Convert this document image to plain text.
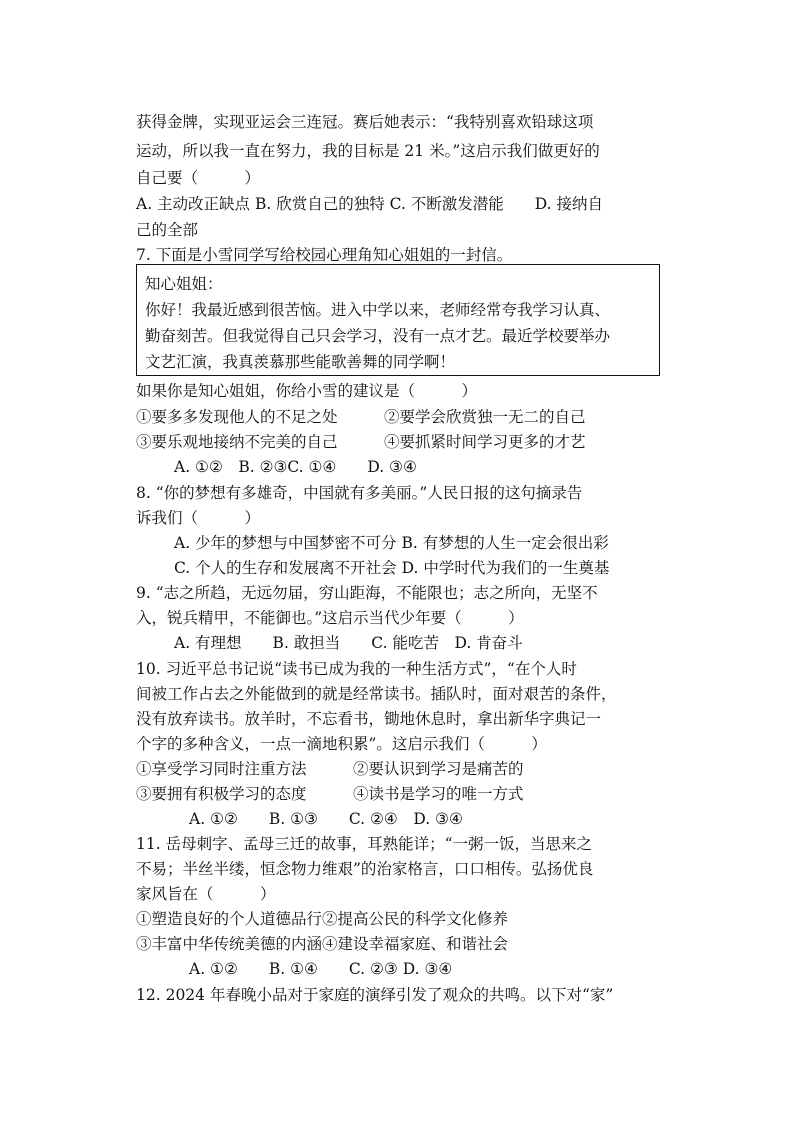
获得金牌，实现亚运会三连冠。赛后她表示：“我特别喜欢铅球这项
运动，所以我一直在努力，我的目标是 21 米。”这启示我们做更好的
自己要（　　　）
A. 主动改正缺点 B. 欣赏自己的独特 C. 不断激发潜能　　D. 接纳自
己的全部
7. 下面是小雪同学写给校园心理角知心姐姐的一封信。
知心姐姐：
你好！我最近感到很苦恼。进入中学以来，老师经常夸我学习认真、
勤奋刻苦。但我觉得自己只会学习，没有一点才艺。最近学校要举办
文艺汇演，我真羡慕那些能歌善舞的同学啊！
如果你是知心姐姐，你给小雪的建议是（　　　）
①要多多发现他人的不足之处　　　②要学会欣赏独一无二的自己
③要乐观地接纳不完美的自己　　　④要抓紧时间学习更多的才艺
A. ①②　B. ②③C. ①④　　D. ③④
8. “你的梦想有多雄奇，中国就有多美丽。”人民日报的这句摘录告
诉我们（　　　）
A. 少年的梦想与中国梦密不可分 B. 有梦想的人生一定会很出彩
C. 个人的生存和发展离不开社会 D. 中学时代为我们的一生奠基
9. “志之所趋，无远勿届，穷山距海，不能限也；志之所向，无坚不
入，锐兵精甲，不能御也。”这启示当代少年要（　　　）
A. 有理想　　B. 敢担当　　C. 能吃苦　D. 肯奋斗
10. 习近平总书记说“读书已成为我的一种生活方式”，“在个人时
间被工作占去之外能做到的就是经常读书。插队时，面对艰苦的条件，
没有放弃读书。放羊时，不忘看书，锄地休息时，拿出新华字典记一
个字的多种含义，一点一滴地积累”。这启示我们（　　　）
①享受学习同时注重方法　　　②要认识到学习是痛苦的
③要拥有积极学习的态度　　　④读书是学习的唯一方式
A. ①②　　B. ①③　　C. ②④　D. ③④
11. 岳母刺字、孟母三迁的故事，耳熟能详；“一粥一饭，当思来之
不易；半丝半缕，恒念物力维艰”的治家格言，口口相传。弘扬优良
家风旨在（　　　）
①塑造良好的个人道德品行②提高公民的科学文化修养
③丰富中华传统美德的内涵④建设幸福家庭、和谐社会
A. ①②　　B. ①④　　C. ②③ D. ③④
12. 2024 年春晚小品对于家庭的演绎引发了观众的共鸣。以下对“家”
